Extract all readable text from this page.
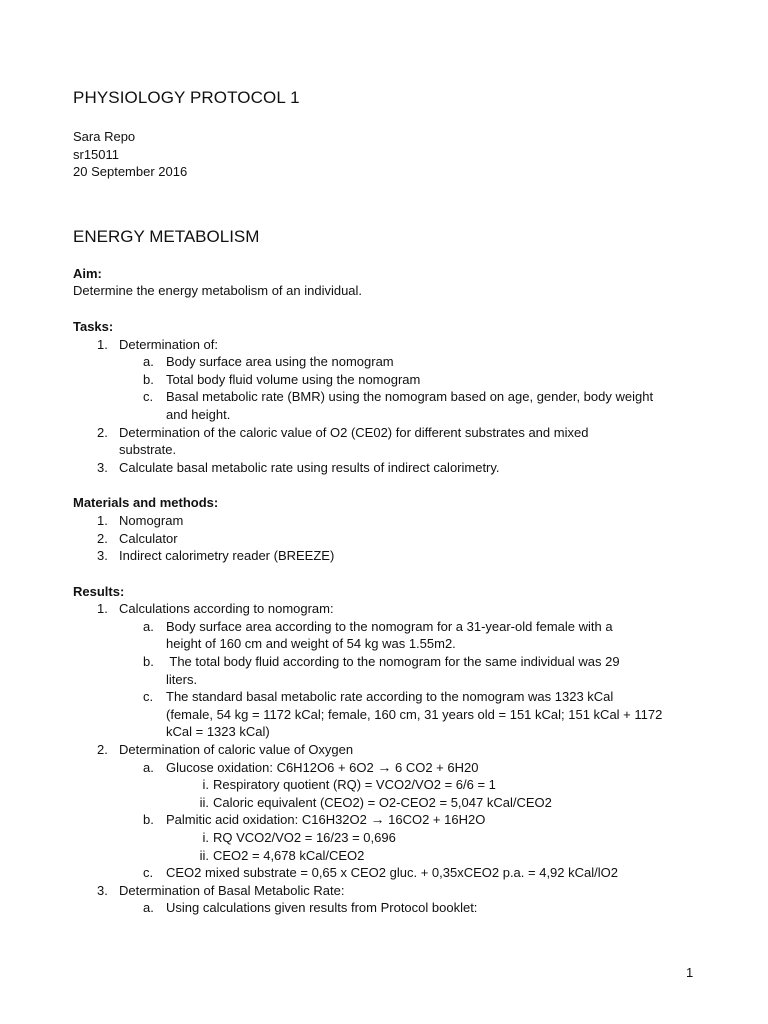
PHYSIOLOGY PROTOCOL 1
Sara Repo
sr15011
20 September 2016
ENERGY METABOLISM
Aim:
Determine the energy metabolism of an individual.
Tasks:
1. Determination of:
a. Body surface area using the nomogram
b. Total body fluid volume using the nomogram
c. Basal metabolic rate (BMR) using the nomogram based on age, gender, body weight
and height.
2. Determination of the caloric value of O2 (CE02) for different substrates and mixed
substrate.
3. Calculate basal metabolic rate using results of indirect calorimetry.
Materials and methods:
1. Nomogram
2. Calculator
3. Indirect calorimetry reader (BREEZE)
Results:
1. Calculations according to nomogram:
a. Body surface area according to the nomogram for a 31-year-old female with a
height of 160 cm and weight of 54 kg was 1.55m2.
b. The total body fluid according to the nomogram for the same individual was 29
liters.
c. The standard basal metabolic rate according to the nomogram was 1323 kCal
(female, 54 kg = 1172 kCal; female, 160 cm, 31 years old = 151 kCal; 151 kCal + 1172
kCal = 1323 kCal)
2. Determination of caloric value of Oxygen
a. Glucose oxidation: C6H12O6 + 6O2 → 6 CO2 + 6H20
i. Respiratory quotient (RQ) = VCO2/VO2 = 6/6 = 1
ii. Caloric equivalent (CEO2) = O2-CEO2 = 5,047 kCal/CEO2
b. Palmitic acid oxidation: C16H32O2 → 16CO2 + 16H2O
i. RQ VCO2/VO2 = 16/23 = 0,696
ii. CEO2 = 4,678 kCal/CEO2
c. CEO2 mixed substrate = 0,65 x CEO2 gluc. + 0,35xCEO2 p.a. = 4,92 kCal/lO2
3. Determination of Basal Metabolic Rate:
a. Using calculations given results from Protocol booklet:
1
